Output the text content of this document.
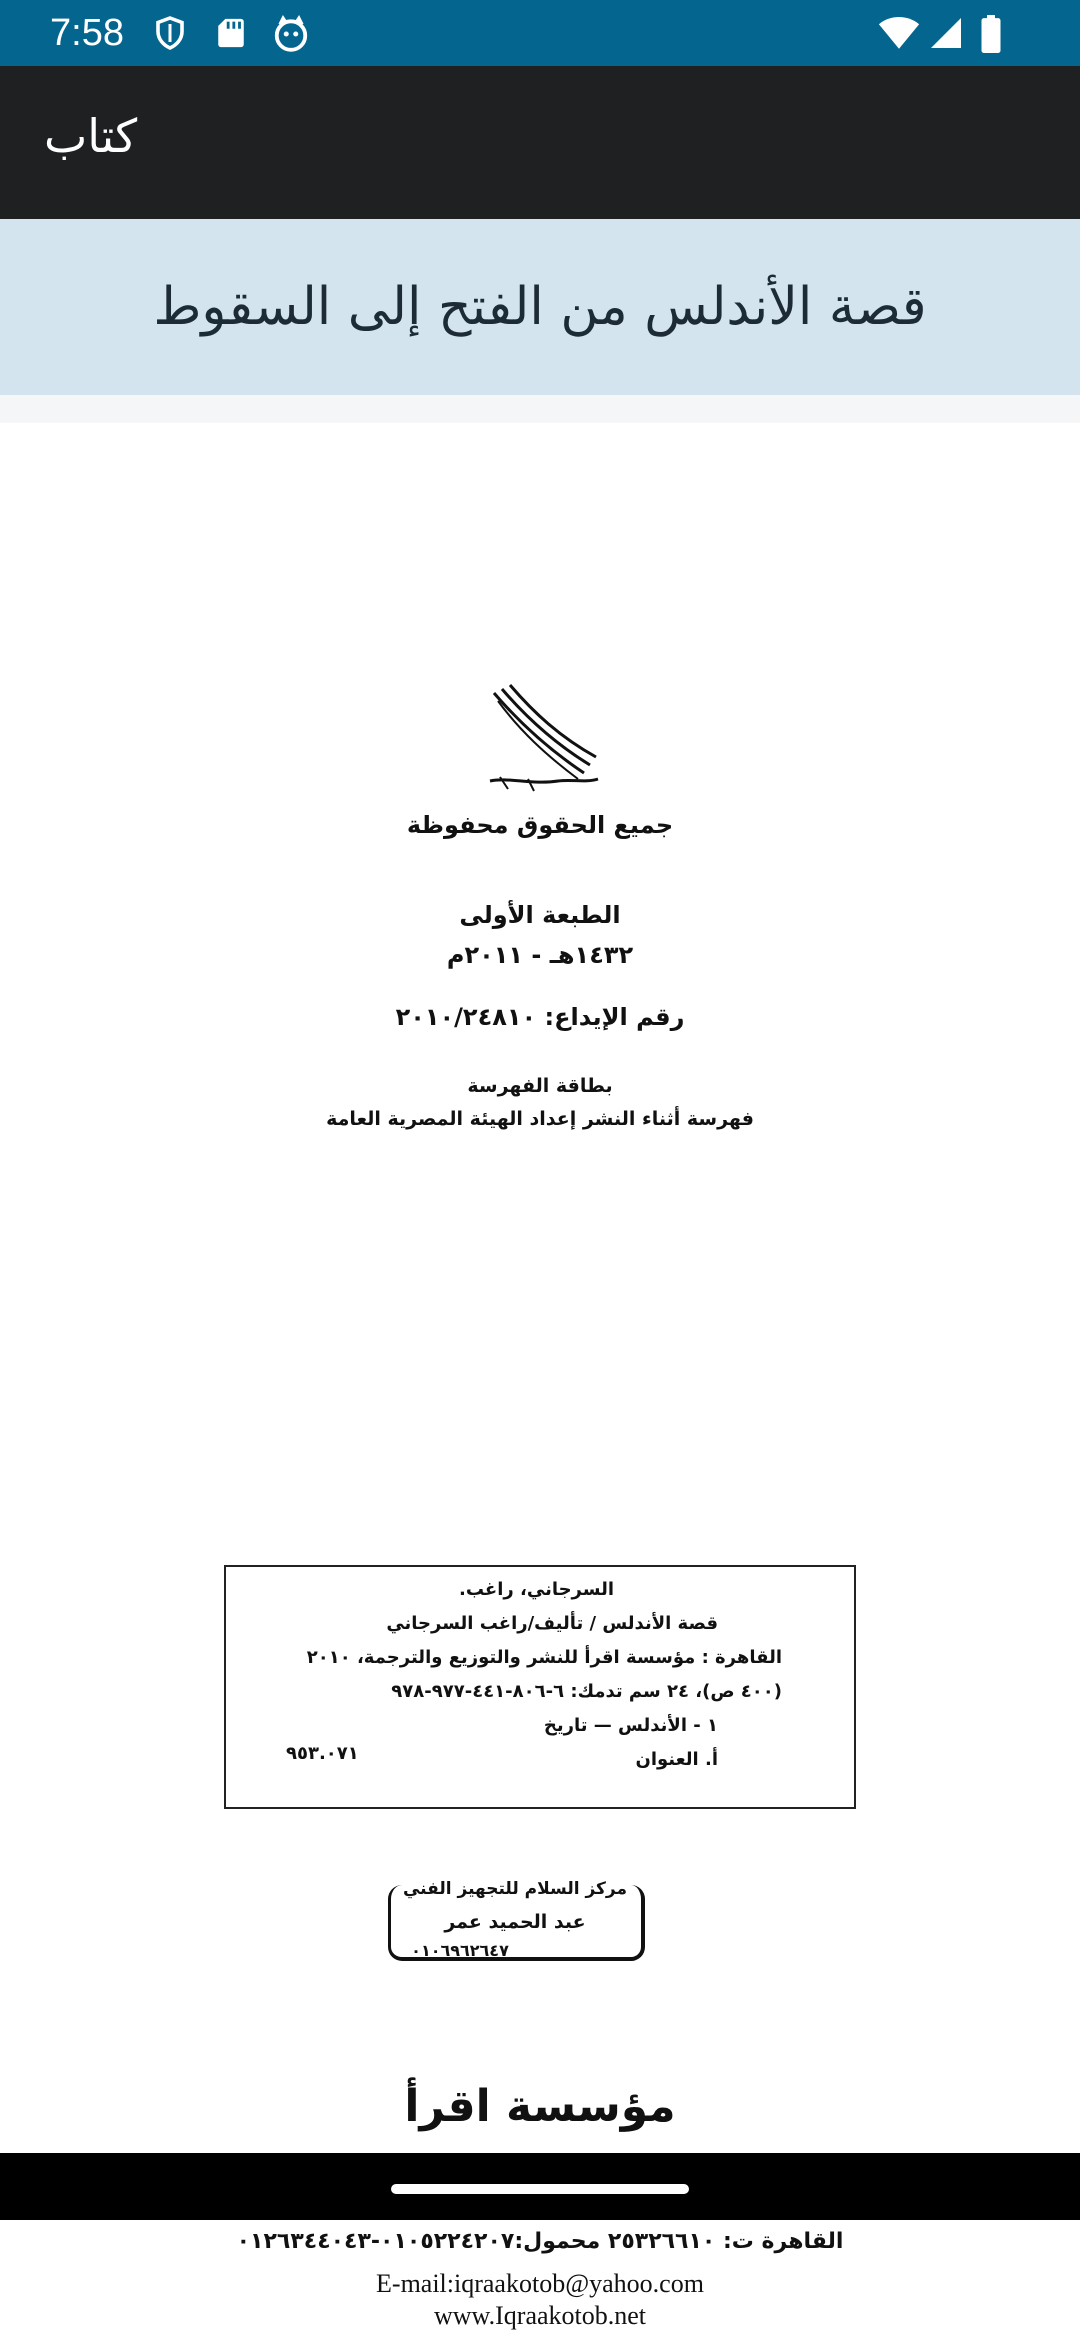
7:58
كتاب
قصة الأندلس من الفتح إلى السقوط
جميع الحقوق محفوظة
الطبعة الأولى
١٤٣٢هـ - ٢٠١١م
رقم الإيداع: ٢٠١٠/٢٤٨١٠
بطاقة الفهرسة
فهرسة أثناء النشر إعداد الهيئة المصرية العامة
السرجاني، راغب.
قصة الأندلس / تأليف/راغب السرجاني
القاهرة : مؤسسة اقرأ للنشر والتوزيع والترجمة، ٢٠١٠
(٤٠٠ ص)، ٢٤ سم تدمك: ٦-٨٠٦-٤٤١-٩٧٧-٩٧٨
١ - الأندلس — تاريخ
أ. العنوان
٩٥٣.٠٧١
مركز السلام للتجهيز الفني
عبد الحميد عمر
٠١٠٦٩٦٢٦٤٧
مؤسسة اقرأ
القاهرة ت: ٢٥٣٢٦٦١٠ محمول:٠١٠٥٢٢٤٢٠٧-٠١٢٦٣٤٤٠٤٣
E-mail:iqraakotob@yahoo.com
www.Iqraakotob.net
